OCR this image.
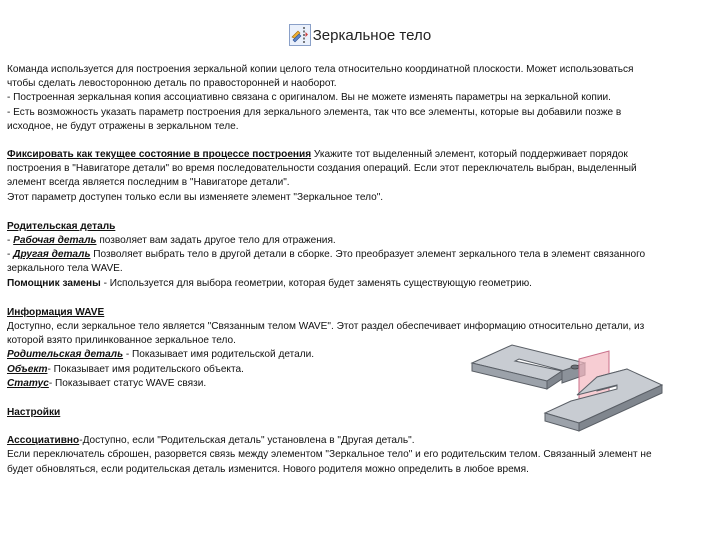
Зеркальное тело

Команда используется для построения зеркальной копии целого тела относительно координатной плоскости. Может использоваться

чтобы сделать левосторонною деталь по правосторонней и наоборот.

- Построенная зеркальная копия ассоциативно связана с оригиналом. Вы не можете изменять параметры на зеркальной копии.

- Есть возможность указать параметр построения для зеркального элемента, так что все элементы, которые вы добавили позже в

исходное, не будут отражены в зеркальном теле.

Фиксировать как текущее состояние в процессе построения Укажите тот выделенный элемент, который поддерживает порядок

построения в "Навигаторе детали" во время последовательности создания операций. Если этот переключатель выбран, выделенный

элемент всегда является последним в "Навигаторе детали".

Этот параметр доступен только если вы изменяете элемент "Зеркальное тело".

Родительская деталь

- Рабочая деталь позволяет вам задать другое тело для отражения.

- Другая деталь Позволяет выбрать тело в другой детали в сборке. Это преобразует элемент зеркального тела в элемент связанного

зеркального тела WAVE.

Помощник замены - Используется для выбора геометрии, которая будет заменять существующую геометрию.

Информация WAVE

Доступно, если зеркальное тело является "Связанным телом WAVE". Этот раздел обеспечивает информацию относительно детали, из

которой взято прилинкованное зеркальное тело.

Родительская деталь - Показывает имя родительской детали.

Объект- Показывает имя родительского объекта.

Статус- Показывает статус WAVE связи.

Настройки

Ассоциативно-Доступно, если "Родительская деталь" установлена в "Другая деталь".

Если переключатель сброшен, разорвется связь между элементом "Зеркальное тело" и его родительским телом. Связанный элемент не

будет обновляться, если родительская деталь изменится. Нового родителя можно определить в любое время.
